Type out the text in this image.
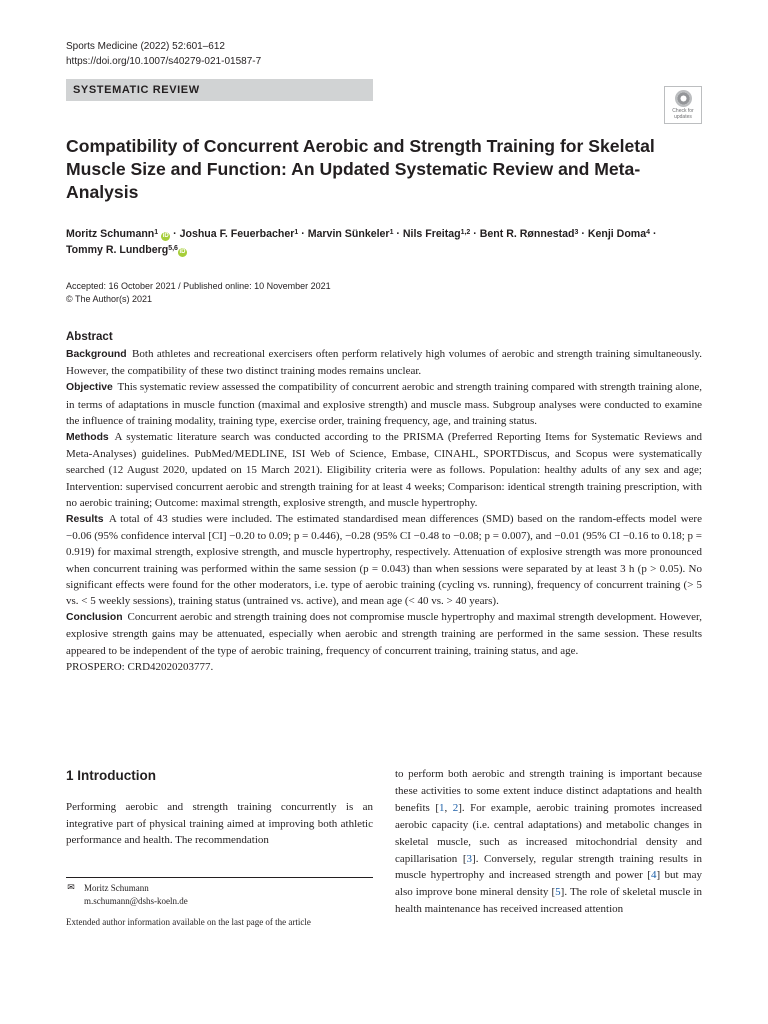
Sports Medicine (2022) 52:601–612
https://doi.org/10.1007/s40279-021-01587-7
SYSTEMATIC REVIEW
Check for
updates
Compatibility of Concurrent Aerobic and Strength Training for Skeletal Muscle Size and Function: An Updated Systematic Review and Meta-Analysis
Moritz Schumann$^1$ iD · Joshua F. Feuerbacher$^1$ · Marvin Sünkeler$^1$ · Nils Freitag$^{1,2}$ · Bent R. Rønnestad$^3$ · Kenji Doma$^4$ ·
Tommy R. Lundberg$^{5,6}$ iD
Accepted: 16 October 2021 / Published online: 10 November 2021
© The Author(s) 2021
Abstract

Background Both athletes and recreational exercisers often perform relatively high volumes of aerobic and strength training simultaneously. However, the compatibility of these two distinct training modes remains unclear.

Objective This systematic review assessed the compatibility of concurrent aerobic and strength training compared with strength training alone, in terms of adaptations in muscle function (maximal and explosive strength) and muscle mass. Subgroup analyses were conducted to examine the influence of training modality, training type, exercise order, training frequency, age, and training status.

Methods A systematic literature search was conducted according to the PRISMA (Preferred Reporting Items for Systematic Reviews and Meta-Analyses) guidelines. PubMed/MEDLINE, ISI Web of Science, Embase, CINAHL, SPORTDiscus, and Scopus were systematically searched (12 August 2020, updated on 15 March 2021). Eligibility criteria were as follows. Population: healthy adults of any sex and age; Intervention: supervised concurrent aerobic and strength training for at least 4 weeks; Comparison: identical strength training prescription, with no aerobic training; Outcome: maximal strength, explosive strength, and muscle hypertrophy.

Results A total of 43 studies were included. The estimated standardised mean differences (SMD) based on the random-effects model were −0.06 (95% confidence interval [CI] −0.20 to 0.09; p = 0.446), −0.28 (95% CI −0.48 to −0.08; p = 0.007), and −0.01 (95% CI −0.16 to 0.18; p = 0.919) for maximal strength, explosive strength, and muscle hypertrophy, respectively. Attenuation of explosive strength was more pronounced when concurrent training was performed within the same session (p = 0.043) than when sessions were separated by at least 3 h (p > 0.05). No significant effects were found for the other moderators, i.e. type of aerobic training (cycling vs. running), frequency of concurrent training (> 5 vs. < 5 weekly sessions), training status (untrained vs. active), and mean age (< 40 vs. > 40 years).

Conclusion Concurrent aerobic and strength training does not compromise muscle hypertrophy and maximal strength development. However, explosive strength gains may be attenuated, especially when aerobic and strength training are performed in the same session. These results appeared to be independent of the type of aerobic training, frequency of concurrent training, training status, and age.

PROSPERO: CRD42020203777.

1 Introduction

Performing aerobic and strength training concurrently is an integrative part of physical training aimed at improving both athletic performance and health. The recommendation

to perform both aerobic and strength training is important because these activities to some extent induce distinct adaptations and health benefits [1, 2]. For example, aerobic training promotes increased aerobic capacity (i.e. central adaptations) and metabolic changes in skeletal muscle, such as increased mitochondrial density and capillarisation [3]. Conversely, regular strength training results in muscle hypertrophy and increased strength and power [4] but may also improve bone mineral density [5]. The role of skeletal muscle in health maintenance has received increased attention

✉ Moritz Schumann
m.schumann@dshs-koeln.de
Extended author information available on the last page of the article
